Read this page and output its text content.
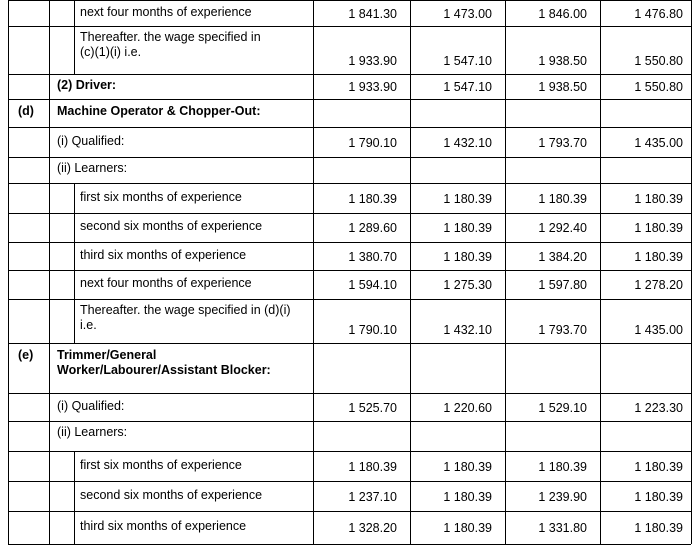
next four months of experience	1 841.30	1 473.00	1 846.00	1 476.80
Thereafter. the wage specified in
(c)(1)(i) i.e.
1 933.90	1 547.10	1 938.50	1 550.80
(2) Driver:	1 933.90	1 547.10	1 938.50	1 550.80
(d) Machine Operator & Chopper-Out:
(i) Qualified:	1 790.10	1 432.10	1 793.70	1 435.00
(ii) Learners:
first six months of experience	1 180.39	1 180.39	1 180.39	1 180.39
second six months of experience	1 289.60	1 180.39	1 292.40	1 180.39
third six months of experience	1 380.70	1 180.39	1 384.20	1 180.39
next four months of experience	1 594.10	1 275.30	1 597.80	1 278.20
Thereafter. the wage specified in (d)(i)
i.e.	1 790.10	1 432.10	1 793.70	1 435.00
(e) Trimmer/General
Worker/Labourer/Assistant Blocker:
(i) Qualified:	1 525.70	1 220.60	1 529.10	1 223.30
(ii) Learners:
first six months of experience	1 180.39	1 180.39	1 180.39	1 180.39
second six months of experience	1 237.10	1 180.39	1 239.90	1 180.39
third six months of experience	1 328.20	1 180.39	1 331.80	1 180.39
